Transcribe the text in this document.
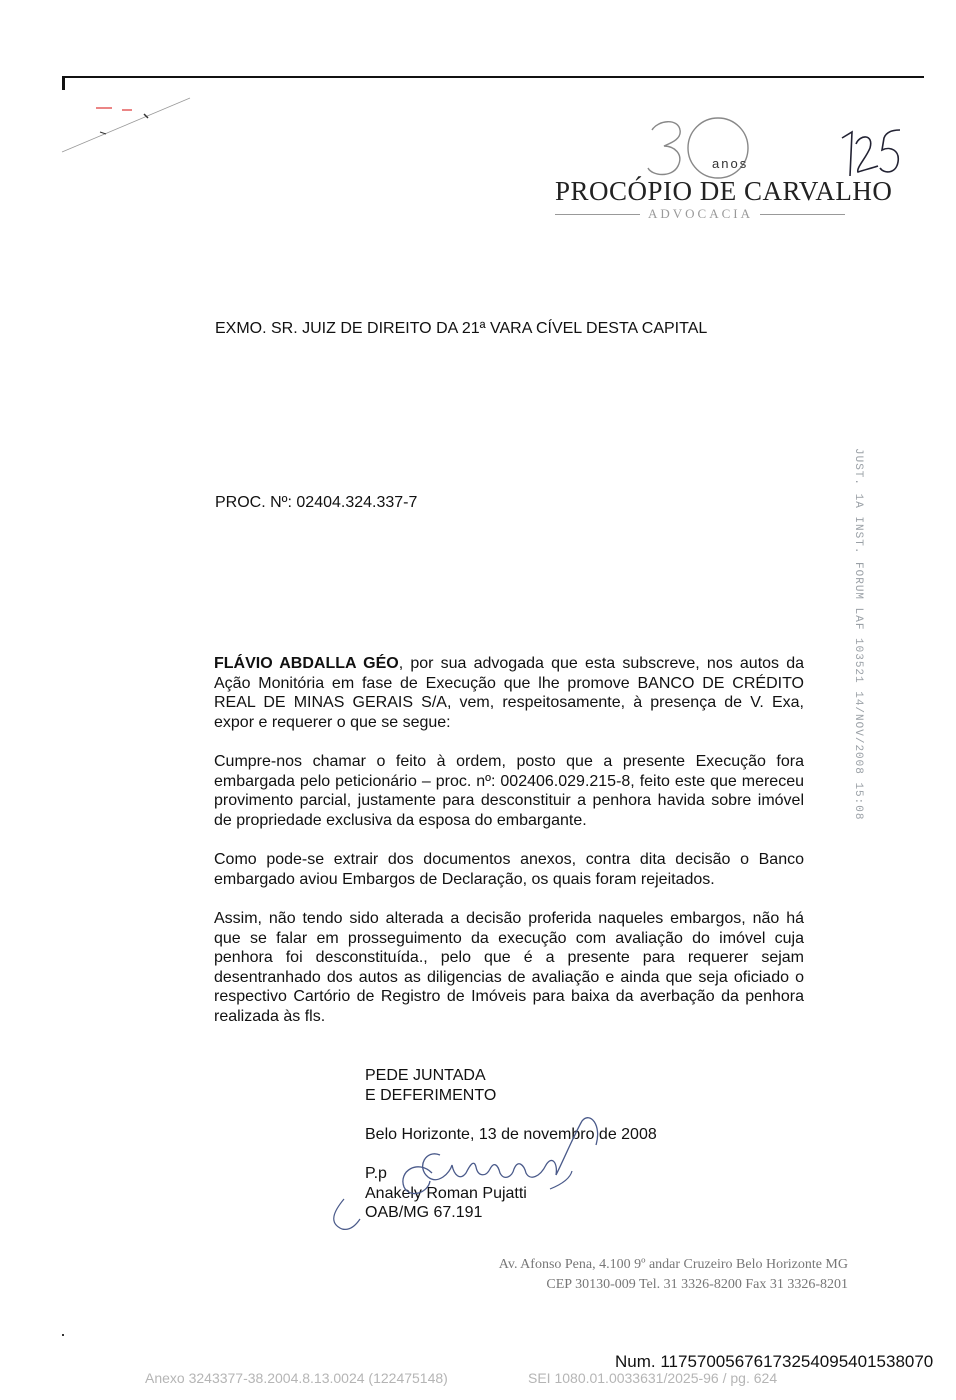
anos
PROCÓPIO DE CARVALHO
ADVOCACIA
EXMO. SR. JUIZ DE DIREITO DA 21ª VARA CÍVEL DESTA CAPITAL
PROC. Nº: 02404.324.337-7
FLÁVIO ABDALLA GÉO, por sua advogada que esta subscreve, nos autos da Ação Monitória em fase de Execução que lhe promove BANCO DE CRÉDITO REAL DE MINAS GERAIS S/A, vem, respeitosamente, à presença de V. Exa, expor e requerer o que se segue:
Cumpre-nos chamar o feito à ordem, posto que a presente Execução fora embargada pelo peticionário – proc. nº: 002406.029.215-8, feito este que mereceu provimento parcial, justamente para desconstituir a penhora havida sobre imóvel de propriedade exclusiva da esposa do embargante.
Como pode-se extrair dos documentos anexos, contra dita decisão o Banco embargado aviou Embargos de Declaração, os quais foram rejeitados.
Assim, não tendo sido alterada a decisão proferida naqueles embargos, não há que se falar em prosseguimento da execução com avaliação do imóvel cuja penhora foi desconstituída., pelo que é a presente para requerer sejam desentranhado dos autos as diligencias de avaliação e ainda que seja oficiado o respectivo Cartório de Registro de Imóveis para baixa da averbação da penhora realizada às fls.
JUST. 1A INST. FORUM LAF 103521 14/NOV/2008 15:08
PEDE JUNTADA
E DEFERIMENTO
Belo Horizonte, 13 de novembro de 2008
P.p
Anakely Roman Pujatti
OAB/MG 67.191
Av. Afonso Pena, 4.100 9º andar Cruzeiro Belo Horizonte MG
CEP 30130-009 Tel. 31 3326-8200 Fax 31 3326-8201
Num. 11757005676173254095401538070
Anexo 3243377-38.2004.8.13.0024 (122475148)	SEI 1080.01.0033631/2025-96 / pg. 624
